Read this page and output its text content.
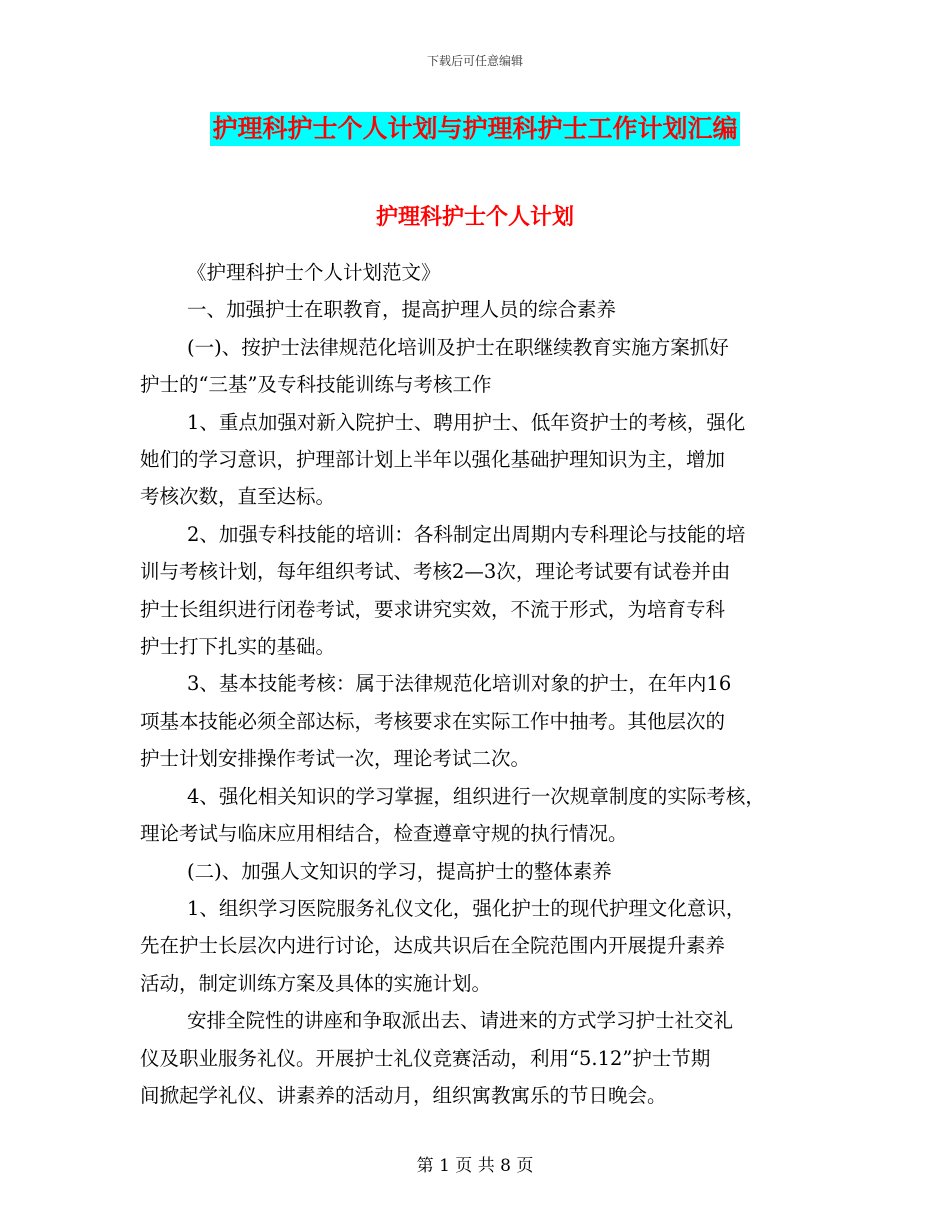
下载后可任意编辑
护理科护士个人计划与护理科护士工作计划汇编
护理科护士个人计划

《护理科护士个人计划范文》

一、加强护士在职教育，提高护理人员的综合素养

(一)、按护士法律规范化培训及护士在职继续教育实施方案抓好
护士的“三基”及专科技能训练与考核工作

1、重点加强对新入院护士、聘用护士、低年资护士的考核，强化
她们的学习意识，护理部计划上半年以强化基础护理知识为主，增加
考核次数，直至达标。

2、加强专科技能的培训：各科制定出周期内专科理论与技能的培
训与考核计划，每年组织考试、考核2—3次，理论考试要有试卷并由
护士长组织进行闭卷考试，要求讲究实效，不流于形式，为培育专科
护士打下扎实的基础。

3、基本技能考核：属于法律规范化培训对象的护士，在年内16
项基本技能必须全部达标，考核要求在实际工作中抽考。其他层次的
护士计划安排操作考试一次，理论考试二次。

4、强化相关知识的学习掌握，组织进行一次规章制度的实际考核，
理论考试与临床应用相结合，检查遵章守规的执行情况。

(二)、加强人文知识的学习，提高护士的整体素养

1、组织学习医院服务礼仪文化，强化护士的现代护理文化意识，
先在护士长层次内进行讨论，达成共识后在全院范围内开展提升素养
活动，制定训练方案及具体的实施计划。

安排全院性的讲座和争取派出去、请进来的方式学习护士社交礼
仪及职业服务礼仪。开展护士礼仪竞赛活动，利用“5.12”护士节期
间掀起学礼仪、讲素养的活动月，组织寓教寓乐的节日晚会。

第 1 页 共 8 页
